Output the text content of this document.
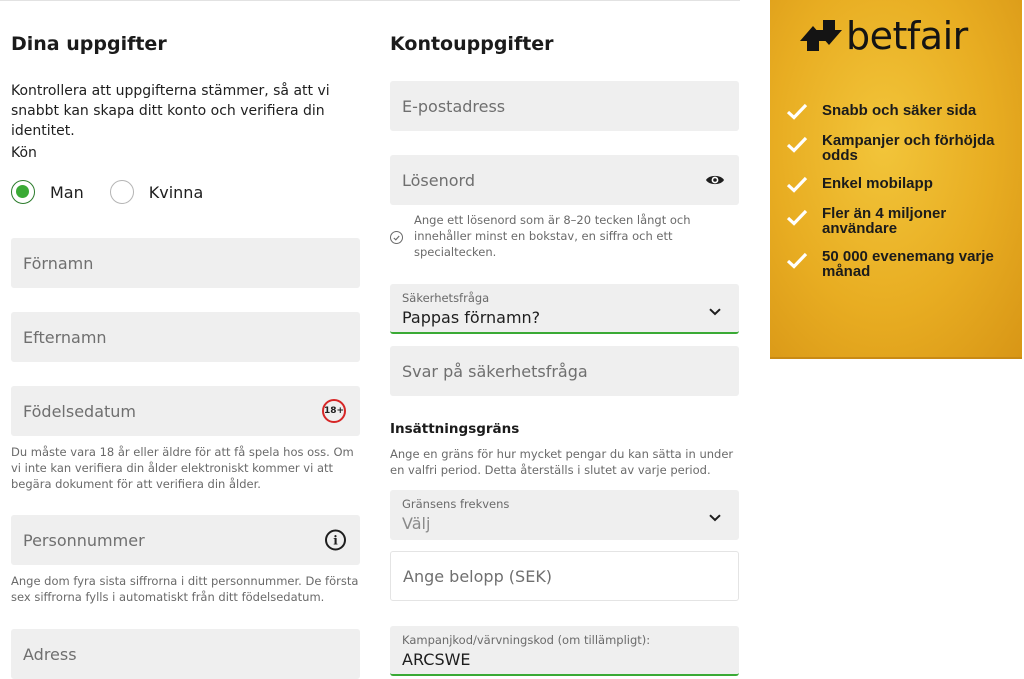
Dina uppgifter

Kontrollera att uppgifterna stämmer, så att vi snabbt kan skapa ditt konto och verifiera din identitet.

Kön
Man	Kvinna
Förnamn
Efternamn
Födelsedatum	18+

Du måste vara 18 år eller äldre för att få spela hos oss. Om vi inte kan verifiera din ålder elektroniskt kommer vi att begära dokument för att verifiera din ålder.

Personnummer	i

Ange dom fyra sista siffrorna i ditt personnummer. De första sex siffrorna fylls i automatiskt från ditt födelsedatum.

Adress
Kontouppgifter
E-postadress
Lösenord
Ange ett lösenord som är 8–20 tecken långt och innehåller minst en bokstav, en siffra och ett specialtecken.
Säkerhetsfråga
Pappas förnamn?
Svar på säkerhetsfråga
Insättningsgräns

Ange en gräns för hur mycket pengar du kan sätta in under en valfri period. Detta återställs i slutet av varje period.

Gränsens frekvens
Välj
Ange belopp (SEK)
Kampanjkod/värvningskod (om tillämpligt):
ARCSWE
betfair
Snabb och säker sida
Kampanjer och förhöjda odds
Enkel mobilapp
Fler än 4 miljoner användare
50 000 evenemang varje månad
